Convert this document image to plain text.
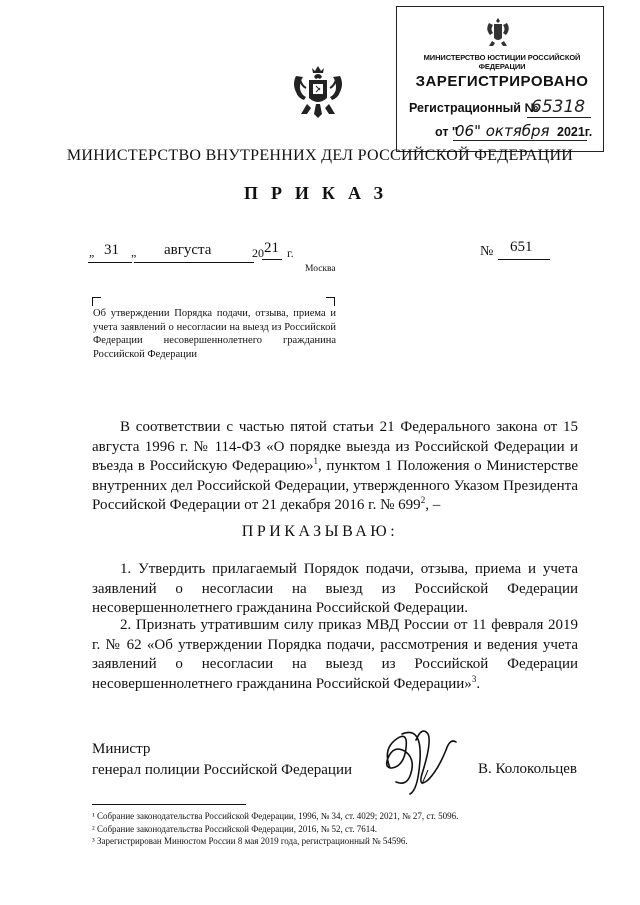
МИНИСТЕРСТВО ЮСТИЦИИ РОССИЙСКОЙ ФЕДЕРАЦИИ
ЗАРЕГИСТРИРОВАНО
Регистрационный №
65318
от "
06" октября 2021г.
МИНИСТЕРСТВО ВНУТРЕННИХ ДЕЛ РОССИЙСКОЙ ФЕДЕРАЦИИ
ПРИКАЗ
„ 31 „ августа	20 21 г.	№ 651
Москва
Об утверждении Порядка подачи, отзыва, приема и учета заявлений о несогласии на выезд из Российской Федерации несовершеннолетнего гражданина Российской Федерации
В соответствии с частью пятой статьи 21 Федерального закона от 15 августа 1996 г. № 114-ФЗ «О порядке выезда из Российской Федерации и въезда в Российскую Федерацию»$^1$, пунктом 1 Положения о Министерстве внутренних дел Российской Федерации, утвержденного Указом Президента Российской Федерации от 21 декабря 2016 г. № $699^2$, –
ПРИКАЗЫВАЮ:
1. Утвердить прилагаемый Порядок подачи, отзыва, приема и учета заявлений о несогласии на выезд из Российской Федерации несовершеннолетнего гражданина Российской Федерации.
2. Признать утратившим силу приказ МВД России от 11 февраля 2019 г. № 62 «Об утверждении Порядка подачи, рассмотрения и ведения учета заявлений о несогласии на выезд из Российской Федерации несовершеннолетнего гражданина Российской Федерации»$^3$.
Министр
генерал полиции Российской Федерации	В. Колокольцев
¹ Собрание законодательства Российской Федерации, 1996, № 34, ст. 4029; 2021, № 27, ст. 5096.
² Собрание законодательства Российской Федерации, 2016, № 52, ст. 7614.
³ Зарегистрирован Минюстом России 8 мая 2019 года, регистрационный № 54596.
